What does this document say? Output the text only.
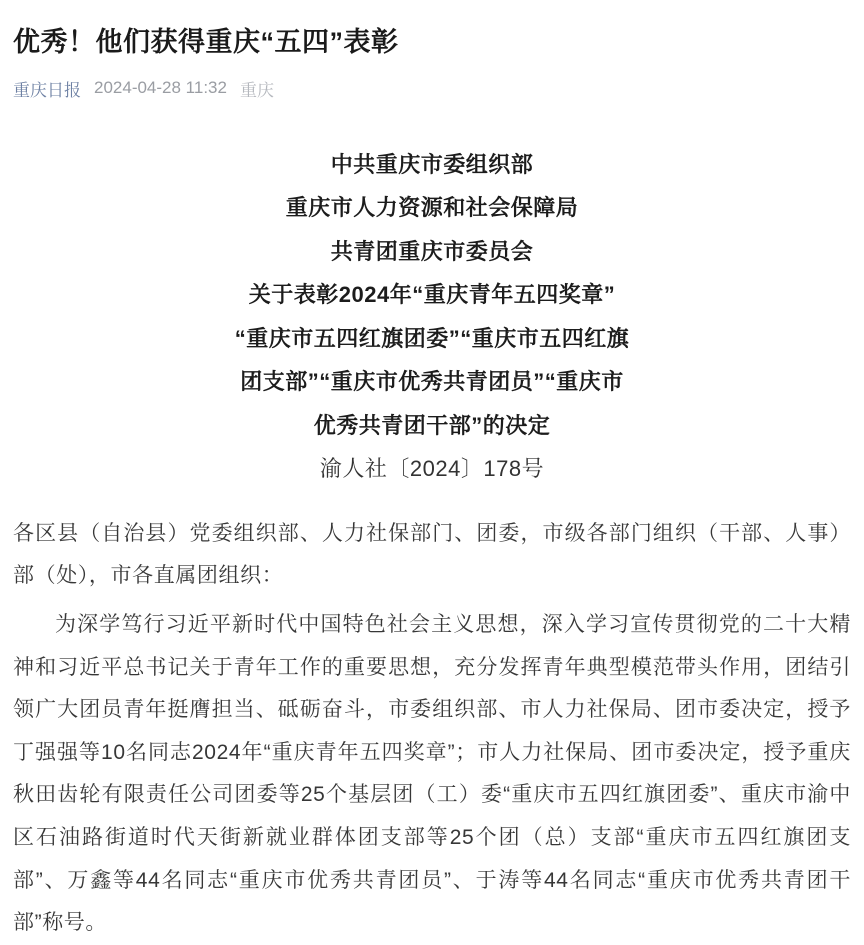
优秀！他们获得重庆“五四”表彰
重庆日报 2024-04-28 11:32 重庆
中共重庆市委组织部
重庆市人力资源和社会保障局
共青团重庆市委员会
关于表彰2024年“重庆青年五四奖章”
“重庆市五四红旗团委”“重庆市五四红旗
团支部”“重庆市优秀共青团员”“重庆市
优秀共青团干部”的决定
渝人社〔2024〕178号

各区县（自治县）党委组织部、人力社保部门、团委，市级各部门组织（干部、人事）部（处），市各直属团组织：

为深学笃行习近平新时代中国特色社会主义思想，深入学习宣传贯彻党的二十大精神和习近平总书记关于青年工作的重要思想，充分发挥青年典型模范带头作用，团结引领广大团员青年挺膺担当、砥砺奋斗，市委组织部、市人力社保局、团市委决定，授予丁强强等10名同志2024年“重庆青年五四奖章”；市人力社保局、团市委决定，授予重庆秋田齿轮有限责任公司团委等25个基层团（工）委“重庆市五四红旗团委”、重庆市渝中区石油路街道时代天街新就业群体团支部等25个团（总）支部“重庆市五四红旗团支部”、万鑫等44名同志“重庆市优秀共青团员”、于涛等44名同志“重庆市优秀共青团干部”称号。
